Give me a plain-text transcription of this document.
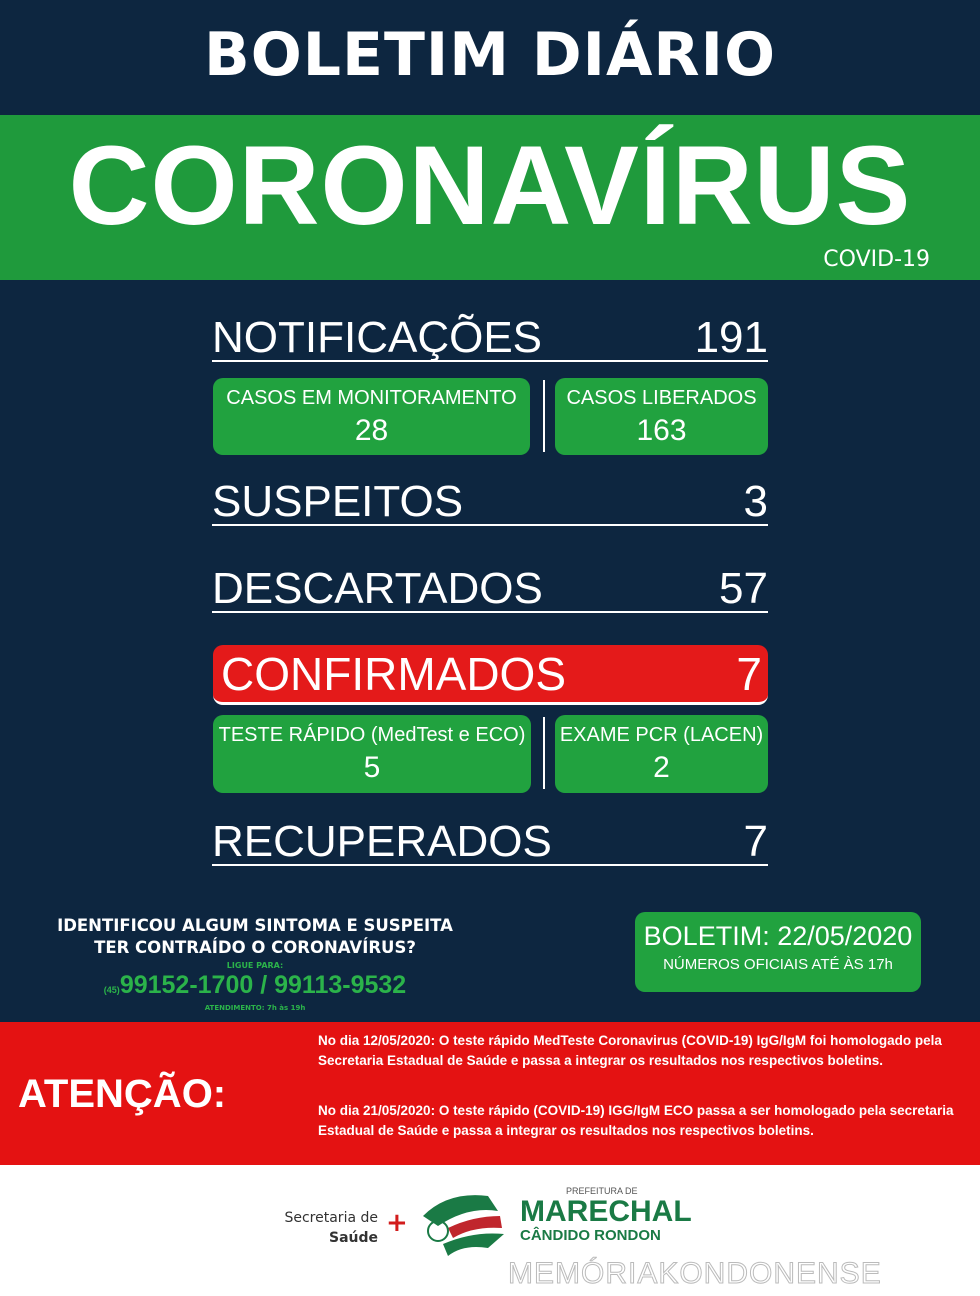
BOLETIM DIÁRIO
CORONAVÍRUS
COVID-19
NOTIFICAÇÕES	191
CASOS EM MONITORAMENTO
28
CASOS LIBERADOS
163
SUSPEITOS	3
DESCARTADOS	57
CONFIRMADOS	7
TESTE RÁPIDO (MedTest e ECO)
5
EXAME PCR (LACEN)
2
RECUPERADOS	7
IDENTIFICOU ALGUM SINTOMA E SUSPEITA
TER CONTRAÍDO O CORONAVÍRUS?
LIGUE PARA:
(45)99152-1700 / 99113-9532
ATENDIMENTO: 7h às 19h
BOLETIM: 22/05/2020
NÚMEROS OFICIAIS ATÉ ÀS 17h
ATENÇÃO:
No dia 12/05/2020: O teste rápido MedTeste Coronavirus (COVID-19) IgG/IgM foi homologado pela Secretaria Estadual de Saúde e passa a integrar os resultados nos respectivos boletins.
No dia 21/05/2020: O teste rápido (COVID-19) IGG/IgM ECO passa a ser homologado pela secretaria Estadual de Saúde e passa a integrar os resultados nos respectivos boletins.
Secretaria de
Saúde +
PREFEITURA DE
MARECHAL
CÂNDIDO RONDON
MEMÓRIAKONDONENSE
